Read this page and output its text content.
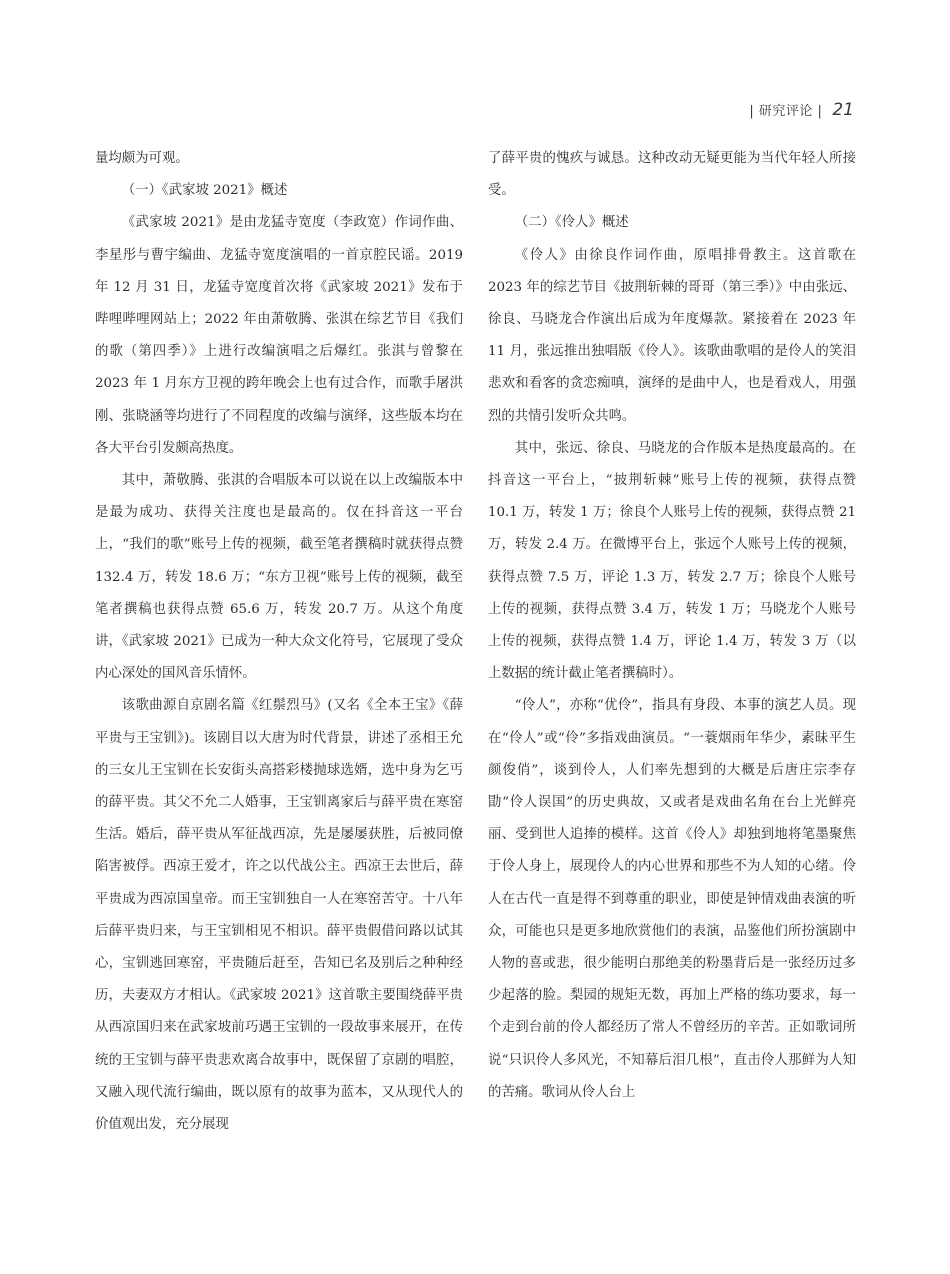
| 研究评论 | 21

量均颇为可观。

（一）《武家坡 2021》概述

《武家坡 2021》是由龙猛寺宽度（李政宽）作词作曲、李星彤与曹宇编曲、龙猛寺宽度演唱的一首京腔民谣。2019 年 12 月 31 日，龙猛寺宽度首次将《武家坡 2021》发布于哔哩哔哩网站上；2022 年由萧敬腾、张淇在综艺节目《我们的歌（第四季）》上进行改编演唱之后爆红。张淇与曾黎在 2023 年 1 月东方卫视的跨年晚会上也有过合作，而歌手屠洪刚、张晓涵等均进行了不同程度的改编与演绎，这些版本均在各大平台引发颇高热度。

其中，萧敬腾、张淇的合唱版本可以说在以上改编版本中是最为成功、获得关注度也是最高的。仅在抖音这一平台上，“我们的歌”账号上传的视频，截至笔者撰稿时就获得点赞 132.4 万，转发 18.6 万；“东方卫视”账号上传的视频，截至笔者撰稿也获得点赞 65.6 万，转发 20.7 万。从这个角度讲，《武家坡 2021》已成为一种大众文化符号，它展现了受众内心深处的国风音乐情怀。

该歌曲源自京剧名篇《红鬃烈马》(又名《全本王宝》《薛平贵与王宝钏》)。该剧目以大唐为时代背景，讲述了丞相王允的三女儿王宝钏在长安街头高搭彩楼抛球选婿，选中身为乞丐的薛平贵。其父不允二人婚事，王宝钏离家后与薛平贵在寒窑生活。婚后，薛平贵从军征战西凉，先是屡屡获胜，后被同僚陷害被俘。西凉王爱才，许之以代战公主。西凉王去世后，薛平贵成为西凉国皇帝。而王宝钏独自一人在寒窑苦守。十八年后薛平贵归来，与王宝钏相见不相识。薛平贵假借问路以试其心，宝钏逃回寒窑，平贵随后赶至，告知已名及别后之种种经历，夫妻双方才相认。《武家坡 2021》这首歌主要围绕薛平贵从西凉国归来在武家坡前巧遇王宝钏的一段故事来展开，在传统的王宝钏与薛平贵悲欢离合故事中，既保留了京剧的唱腔，又融入现代流行编曲，既以原有的故事为蓝本，又从现代人的价值观出发，充分展现

了薛平贵的愧疚与诚恳。这种改动无疑更能为当代年轻人所接受。

（二）《伶人》概述

《伶人》由徐良作词作曲，原唱排骨教主。这首歌在 2023 年的综艺节目《披荆斩棘的哥哥（第三季）》中由张远、徐良、马晓龙合作演出后成为年度爆款。紧接着在 2023 年 11 月，张远推出独唱版《伶人》。该歌曲歌唱的是伶人的笑泪悲欢和看客的贪恋痴嗔，演绎的是曲中人，也是看戏人，用强烈的共情引发听众共鸣。

其中，张远、徐良、马晓龙的合作版本是热度最高的。在抖音这一平台上，“披荆斩棘”账号上传的视频，获得点赞 10.1 万，转发 1 万；徐良个人账号上传的视频，获得点赞 21 万，转发 2.4 万。在微博平台上，张远个人账号上传的视频，获得点赞 7.5 万，评论 1.3 万，转发 2.7 万；徐良个人账号上传的视频，获得点赞 3.4 万，转发 1 万；马晓龙个人账号上传的视频，获得点赞 1.4 万，评论 1.4 万，转发 3 万（以上数据的统计截止笔者撰稿时）。

“伶人”，亦称“优伶”，指具有身段、本事的演艺人员。现在“伶人”或“伶”多指戏曲演员。“一蓑烟雨年华少，素昧平生颜俊俏”，谈到伶人，人们率先想到的大概是后唐庄宗李存勖“伶人误国”的历史典故，又或者是戏曲名角在台上光鲜亮丽、受到世人追捧的模样。这首《伶人》却独到地将笔墨聚焦于伶人身上，展现伶人的内心世界和那些不为人知的心绪。伶人在古代一直是得不到尊重的职业，即使是钟情戏曲表演的听众，可能也只是更多地欣赏他们的表演，品鉴他们所扮演剧中人物的喜或悲，很少能明白那绝美的粉墨背后是一张经历过多少起落的脸。梨园的规矩无数，再加上严格的练功要求，每一个走到台前的伶人都经历了常人不曾经历的辛苦。正如歌词所说“只识伶人多风光，不知幕后泪几根”，直击伶人那鲜为人知的苦痛。歌词从伶人台上
